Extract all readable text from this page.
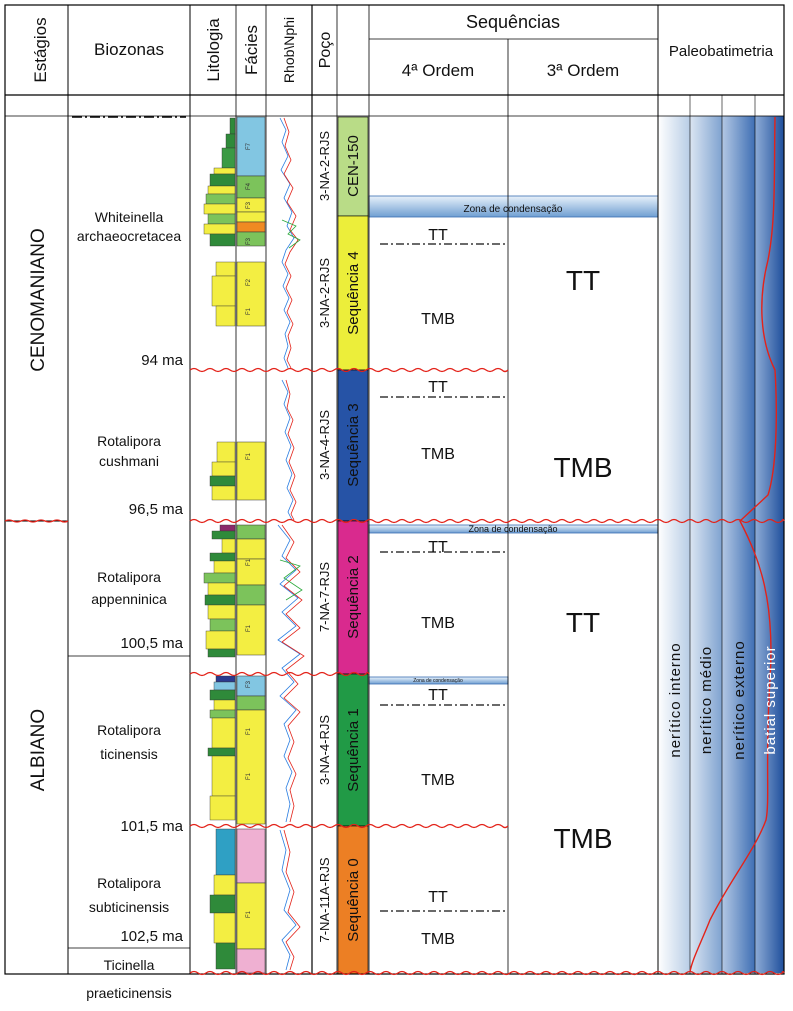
F7
F4
F3
F3
F2
F1
F1
F1
F1
F3
F1
F1
F1
CEN-150
Sequência 4
Sequência 3
Sequência 2
Sequência 1
Sequência 0
3-NA-2-RJS
3-NA-2-RJS
3-NA-4-RJS
7-NA-7-RJS
3-NA-4-RJS
7-NA-11A-RJS
Zona de condensação
Zona de condensação
Zona de condensação
TT
TMB
TT
TMB
TT
TMB
TT
TMB
TT
TMB
TT
TMB
TT
TMB
Estágios	Biozonas Litologia Fácies Rhob\Nphi Poço
Sequências
4ª Ordem	3ª Ordem
Paleobatimetria
CENOMANIANO
ALBIANO
Whiteinella
archaeocretacea
94 ma
Rotalipora
cushmani
96,5 ma
Rotalipora
appenninica
100,5 ma
Rotalipora
ticinensis
101,5 ma
Rotalipora
subticinensis
102,5 ma
Ticinella
praeticinensis
nerítico interno nerítico médio nerítico externo batial superior
